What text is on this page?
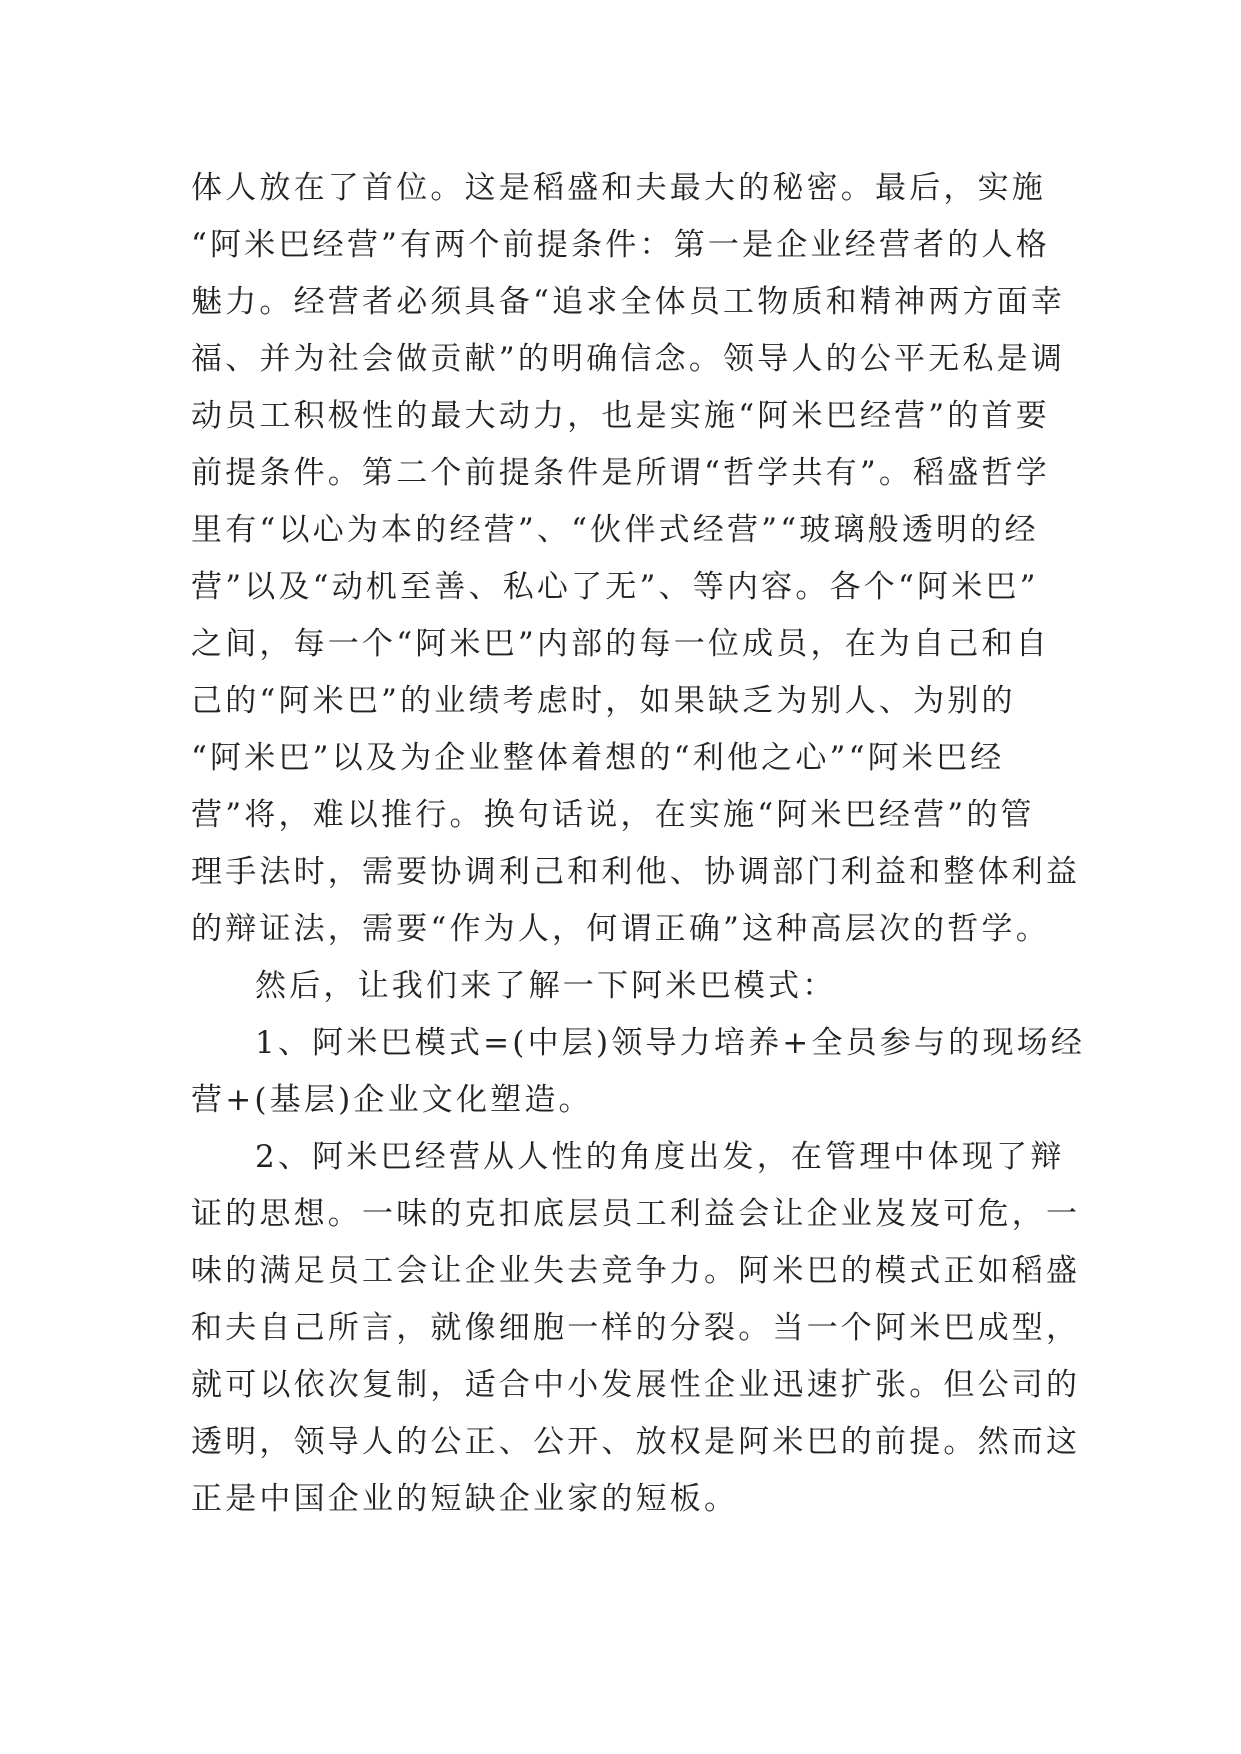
体人放在了首位。这是稻盛和夫最大的秘密。最后，实施
“阿米巴经营”有两个前提条件：第一是企业经营者的人格
魅力。经营者必须具备“追求全体员工物质和精神两方面幸
福、并为社会做贡献”的明确信念。领导人的公平无私是调
动员工积极性的最大动力，也是实施“阿米巴经营”的首要
前提条件。第二个前提条件是所谓“哲学共有”。稻盛哲学
里有“以心为本的经营”、“伙伴式经营”“玻璃般透明的经
营”以及“动机至善、私心了无”、等内容。各个“阿米巴”
之间，每一个“阿米巴”内部的每一位成员，在为自己和自
己的“阿米巴”的业绩考虑时，如果缺乏为别人、为别的
“阿米巴”以及为企业整体着想的“利他之心”“阿米巴经
营”将，难以推行。换句话说，在实施“阿米巴经营”的管
理手法时，需要协调利己和利他、协调部门利益和整体利益
的辩证法，需要“作为人，何谓正确”这种高层次的哲学。
然后，让我们来了解一下阿米巴模式：
1、阿米巴模式=(中层)领导力培养+全员参与的现场经
营+(基层)企业文化塑造。
2、阿米巴经营从人性的角度出发，在管理中体现了辩
证的思想。一味的克扣底层员工利益会让企业岌岌可危，一
味的满足员工会让企业失去竞争力。阿米巴的模式正如稻盛
和夫自己所言，就像细胞一样的分裂。当一个阿米巴成型，
就可以依次复制，适合中小发展性企业迅速扩张。但公司的
透明，领导人的公正、公开、放权是阿米巴的前提。然而这
正是中国企业的短缺企业家的短板。
